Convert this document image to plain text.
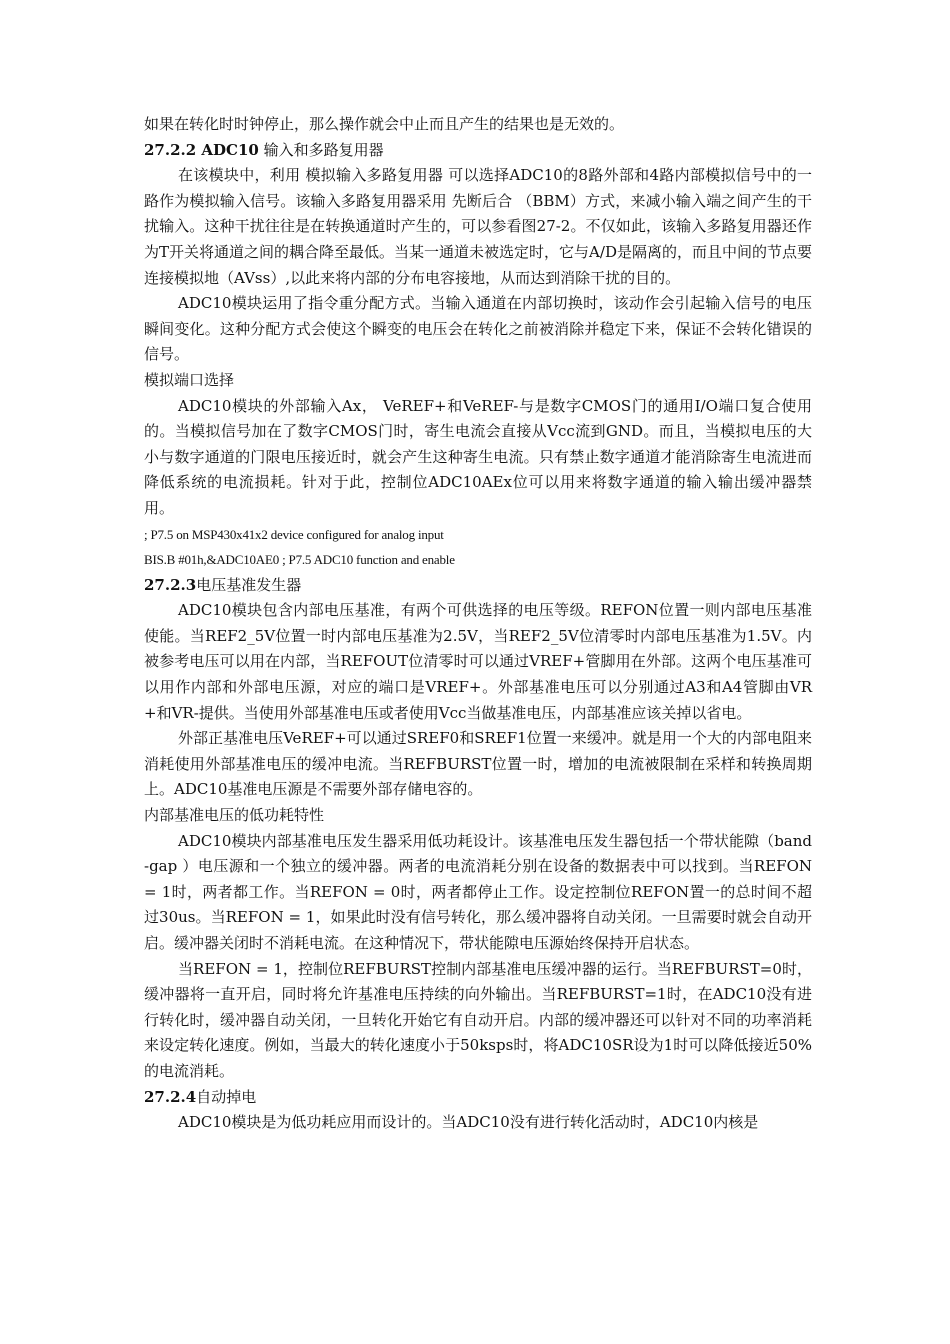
如果在转化时时钟停止，那么操作就会中止而且产生的结果也是无效的。

27.2.2 ADC10 输入和多路复用器

在该模块中，利用 模拟输入多路复用器 可以选择ADC10的8路外部和4路内部模拟信号中的一路作为模拟输入信号。该输入多路复用器采用 先断后合 （BBM）方式，来减小输入端之间产生的干扰输入。这种干扰往往是在转换通道时产生的，可以参看图27-2。不仅如此，该输入多路复用器还作为T开关将通道之间的耦合降至最低。当某一通道未被选定时，它与A/D是隔离的，而且中间的节点要连接模拟地（AVss）,以此来将内部的分布电容接地，从而达到消除干扰的目的。

ADC10模块运用了指令重分配方式。当输入通道在内部切换时，该动作会引起输入信号的电压瞬间变化。这种分配方式会使这个瞬变的电压会在转化之前被消除并稳定下来，保证不会转化错误的信号。

模拟端口选择

ADC10模块的外部输入Ax， VeREF+和VeREF-与是数字CMOS门的通用I/O端口复合使用的。当模拟信号加在了数字CMOS门时，寄生电流会直接从Vcc流到GND。而且，当模拟电压的大小与数字通道的门限电压接近时，就会产生这种寄生电流。只有禁止数字通道才能消除寄生电流进而降低系统的电流损耗。针对于此，控制位ADC10AEx位可以用来将数字通道的输入输出缓冲器禁用。

; P7.5 on MSP430x41x2 device configured for analog input

BIS.B #01h,&ADC10AE0 ; P7.5 ADC10 function and enable

27.2.3电压基准发生器

ADC10模块包含内部电压基准，有两个可供选择的电压等级。REFON位置一则内部电压基准使能。当REF2_5V位置一时内部电压基准为2.5V，当REF2_5V位清零时内部电压基准为1.5V。内被参考电压可以用在内部，当REFOUT位清零时可以通过VREF+管脚用在外部。这两个电压基准可以用作内部和外部电压源，对应的端口是VREF+。外部基准电压可以分别通过A3和A4管脚由VR+和VR-提供。当使用外部基准电压或者使用Vcc当做基准电压，内部基准应该关掉以省电。

外部正基准电压VeREF+可以通过SREF0和SREF1位置一来缓冲。就是用一个大的内部电阻来消耗使用外部基准电压的缓冲电流。当REFBURST位置一时，增加的电流被限制在采样和转换周期上。ADC10基准电压源是不需要外部存储电容的。

内部基准电压的低功耗特性

ADC10模块内部基准电压发生器采用低功耗设计。该基准电压发生器包括一个带状能隙（band-gap ）电压源和一个独立的缓冲器。两者的电流消耗分别在设备的数据表中可以找到。当REFON = 1时，两者都工作。当REFON = 0时，两者都停止工作。设定控制位REFON置一的总时间不超过30us。当REFON = 1，如果此时没有信号转化，那么缓冲器将自动关闭。一旦需要时就会自动开启。缓冲器关闭时不消耗电流。在这种情况下，带状能隙电压源始终保持开启状态。

当REFON = 1，控制位REFBURST控制内部基准电压缓冲器的运行。当REFBURST=0时，缓冲器将一直开启，同时将允许基准电压持续的向外输出。当REFBURST=1时，在ADC10没有进行转化时，缓冲器自动关闭，一旦转化开始它有自动开启。内部的缓冲器还可以针对不同的功率消耗来设定转化速度。例如，当最大的转化速度小于50ksps时，将ADC10SR设为1时可以降低接近50%的电流消耗。

27.2.4自动掉电

ADC10模块是为低功耗应用而设计的。当ADC10没有进行转化活动时，ADC10内核是
